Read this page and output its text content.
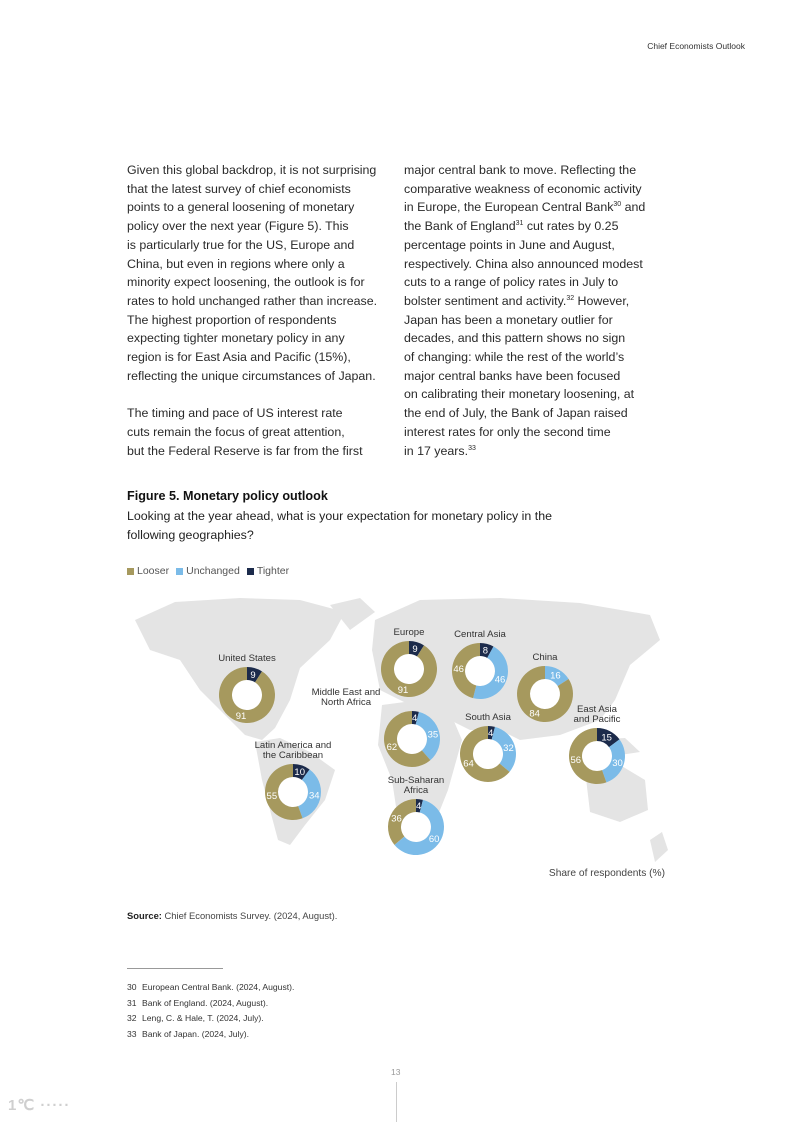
Chief Economists Outlook
Given this global backdrop, it is not surprising
that the latest survey of chief economists
points to a general loosening of monetary
policy over the next year (Figure 5). This
is particularly true for the US, Europe and
China, but even in regions where only a
minority expect loosening, the outlook is for
rates to hold unchanged rather than increase.
The highest proportion of respondents
expecting tighter monetary policy in any
region is for East Asia and Pacific (15%),
reflecting the unique circumstances of Japan.
The timing and pace of US interest rate
cuts remain the focus of great attention,
but the Federal Reserve is far from the first
major central bank to move. Reflecting the
comparative weakness of economic activity
in Europe, the European Central Bank$^{30}$ and
the Bank of England$^{31}$ cut rates by 0.25
percentage points in June and August,
respectively. China also announced modest
cuts to a range of policy rates in July to
bolster sentiment and activity.$^{32}$ However,
Japan has been a monetary outlier for
decades, and this pattern shows no sign
of changing: while the rest of the world’s
major central banks have been focused
on calibrating their monetary loosening, at
the end of July, the Bank of Japan raised
interest rates for only the second time
in 17 years.$^{33}$
Figure 5. Monetary policy outlook
Looking at the year ahead, what is your expectation for monetary policy in the following geographies?
Looser Unchanged Tighter
9
91
United States
9
91
Europe
8
46
46
Central Asia
16
84
China
4
35
62
Middle East and North Africa
4
32
64
South Asia
15
30
56
East Asia and Pacific
10
34
55
Latin America and the Caribbean
4
60
36
Sub-Saharan Africa
Share of respondents (%)
Source: Chief Economists Survey. (2024, August).
30 European Central Bank. (2024, August).
31 Bank of England. (2024, August).
32 Leng, C. & Hale, T. (2024, July).
33 Bank of Japan. (2024, July).
13
1℃ ·····
